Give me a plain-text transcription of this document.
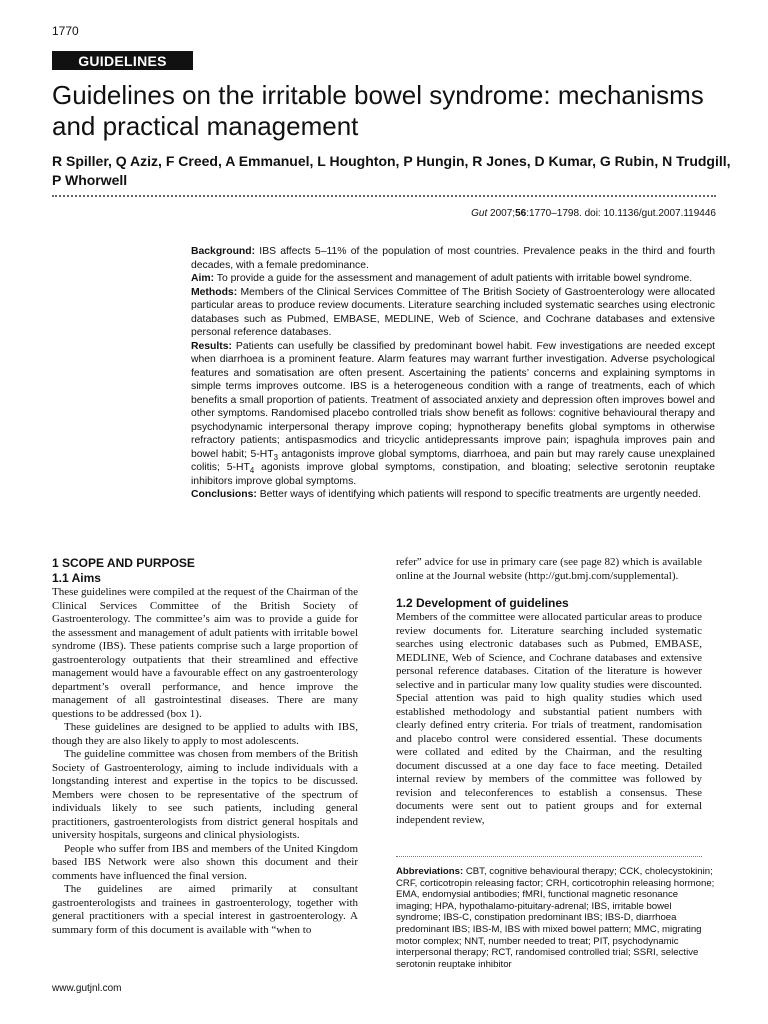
1770
GUIDELINES
Guidelines on the irritable bowel syndrome: mechanisms and practical management
R Spiller, Q Aziz, F Creed, A Emmanuel, L Houghton, P Hungin, R Jones, D Kumar, G Rubin, N Trudgill, P Whorwell
Gut 2007;56:1770–1798. doi: 10.1136/gut.2007.119446

Background: IBS affects 5–11% of the population of most countries. Prevalence peaks in the third and fourth decades, with a female predominance.

Aim: To provide a guide for the assessment and management of adult patients with irritable bowel syndrome.

Methods: Members of the Clinical Services Committee of The British Society of Gastroenterology were allocated particular areas to produce review documents. Literature searching included systematic searches using electronic databases such as Pubmed, EMBASE, MEDLINE, Web of Science, and Cochrane databases and extensive personal reference databases.

Results: Patients can usefully be classified by predominant bowel habit. Few investigations are needed except when diarrhoea is a prominent feature. Alarm features may warrant further investigation. Adverse psychological features and somatisation are often present. Ascertaining the patients’ concerns and explaining symptoms in simple terms improves outcome. IBS is a heterogeneous condition with a range of treatments, each of which benefits a small proportion of patients. Treatment of associated anxiety and depression often improves bowel and other symptoms. Randomised placebo controlled trials show benefit as follows: cognitive behavioural therapy and psychodynamic interpersonal therapy improve coping; hypnotherapy benefits global symptoms in otherwise refractory patients; antispasmodics and tricyclic antidepressants improve pain; ispaghula improves pain and bowel habit; $5-HT_3$ antagonists improve global symptoms, diarrhoea, and pain but may rarely cause unexplained colitis; $5-HT_4$ agonists improve global symptoms, constipation, and bloating; selective serotonin reuptake inhibitors improve global symptoms.

Conclusions: Better ways of identifying which patients will respond to specific treatments are urgently needed.

1 SCOPE AND PURPOSE
1.1 Aims

These guidelines were compiled at the request of the Chairman of the Clinical Services Committee of the British Society of Gastroenterology. The committee’s aim was to provide a guide for the assessment and management of adult patients with irritable bowel syndrome (IBS). These patients comprise such a large proportion of gastroenterology outpatients that their streamlined and effective management would have a favourable effect on any gastroenterology department’s overall performance, and hence improve the management of all gastrointestinal diseases. There are many questions to be addressed (box 1).

These guidelines are designed to be applied to adults with IBS, though they are also likely to apply to most adolescents.

The guideline committee was chosen from members of the British Society of Gastroenterology, aiming to include individuals with a longstanding interest and expertise in the topics to be discussed. Members were chosen to be representative of the spectrum of individuals likely to see such patients, including general practitioners, gastroenterologists from district general hospitals and university hospitals, surgeons and clinical physiologists.

People who suffer from IBS and members of the United Kingdom based IBS Network were also shown this document and their comments have influenced the final version.

The guidelines are aimed primarily at consultant gastroenterologists and trainees in gastroenterology, together with general practitioners with a special interest in gastroenterology. A summary form of this document is available with “when to

refer” advice for use in primary care (see page 82) which is available online at the Journal website (http://gut.bmj.com/supplemental).

1.2 Development of guidelines

Members of the committee were allocated particular areas to produce review documents for. Literature searching included systematic searches using electronic databases such as Pubmed, EMBASE, MEDLINE, Web of Science, and Cochrane databases and extensive personal reference databases. Citation of the literature is however selective and in particular many low quality studies were discounted. Special attention was paid to high quality studies which used established methodology and substantial patient numbers with clearly defined entry criteria. For trials of treatment, randomisation and placebo control were considered essential. These documents were collated and edited by the Chairman, and the resulting document discussed at a one day face to face meeting. Detailed internal review by members of the committee was followed by revision and teleconferences to establish a consensus. These documents were sent out to patient groups and for external independent review,

Abbreviations: CBT, cognitive behavioural therapy; CCK, cholecystokinin; CRF, corticotropin releasing factor; CRH, corticotrophin releasing hormone; EMA, endomysial antibodies; fMRI, functional magnetic resonance imaging; HPA, hypothalamo-pituitary-adrenal; IBS, irritable bowel syndrome; IBS-C, constipation predominant IBS; IBS-D, diarrhoea predominant IBS; IBS-M, IBS with mixed bowel pattern; MMC, migrating motor complex; NNT, number needed to treat; PIT, psychodynamic interpersonal therapy; RCT, randomised controlled trial; SSRI, selective serotonin reuptake inhibitor
www.gutjnl.com
